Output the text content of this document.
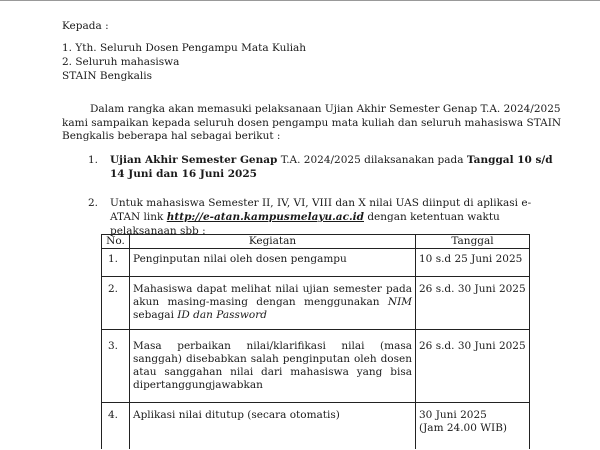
Kepada :
1. Yth. Seluruh Dosen Pengampu Mata Kuliah
2. Seluruh mahasiswa
STAIN Bengkalis
Dalam rangka akan memasuki pelaksanaan Ujian Akhir Semester Genap T.A. 2024/2025 kami sampaikan kepada seluruh dosen pengampu mata kuliah dan seluruh mahasiswa STAIN Bengkalis beberapa hal sebagai berikut :
1. Ujian Akhir Semester Genap T.A. 2024/2025 dilaksanakan pada Tanggal 10 s/d 14 Juni dan 16 Juni 2025
2. Untuk mahasiswa Semester II, IV, VI, VIII dan X nilai UAS diinput di aplikasi e-ATAN link http://e-atan.kampusmelayu.ac.id dengan ketentuan waktu pelaksanaan sbb :
No.	Kegiatan	Tanggal
1.	Penginputan nilai oleh dosen pengampu	10 s.d 25 Juni 2025
2.	Mahasiswa dapat melihat nilai ujian semester pada akun masing-masing dengan menggunakan NIM sebagai ID dan Password	26 s.d. 30 Juni 2025
3.	Masa perbaikan nilai/klarifikasi nilai (masa sanggah) disebabkan salah penginputan oleh dosen atau sanggahan nilai dari mahasiswa yang bisa dipertanggungjawabkan	26 s.d. 30 Juni 2025
4.	Aplikasi nilai ditutup (secara otomatis)	30 Juni 2025
(Jam 24.00 WIB)
